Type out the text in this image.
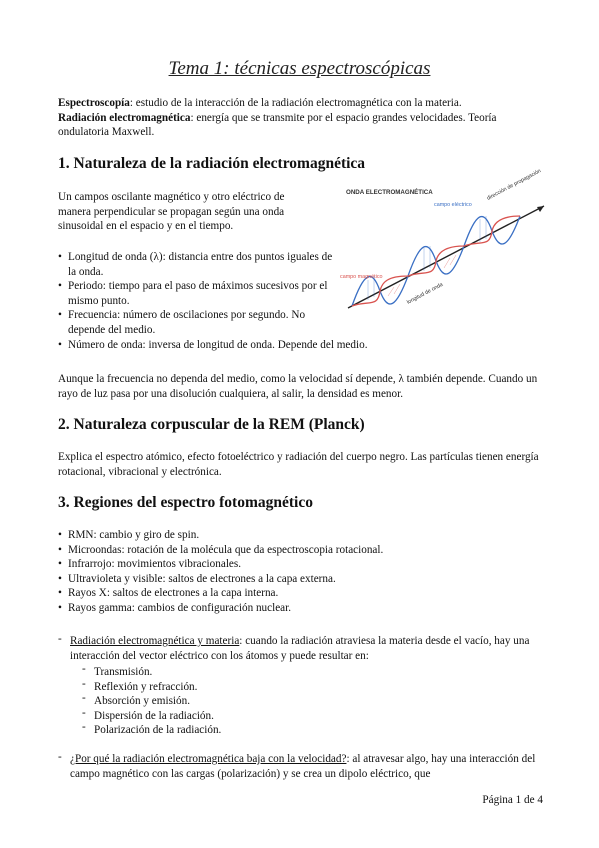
Tema 1: técnicas espectroscópicas

Espectroscopía: estudio de la interacción de la radiación electromagnética con la materia.
Radiación electromagnética: energía que se transmite por el espacio grandes velocidades. Teoría ondulatoria Maxwell.

1. Naturaleza de la radiación electromagnética

Un campos oscilante magnético y otro eléctrico de manera perpendicular se propagan según una onda sinusoidal en el espacio y en el tiempo.

• Longitud de onda (λ): distancia entre dos puntos iguales de la onda.
• Periodo: tiempo para el paso de máximos sucesivos por el mismo punto.
• Frecuencia: número de oscilaciones por segundo. No depende del medio.
• Número de onda: inversa de longitud de onda. Depende del medio.
ONDA ELECTROMAGNÉTICA
campo eléctrico
campo magnético
dirección de propagación
longitud de onda

Aunque la frecuencia no dependa del medio, como la velocidad sí depende, λ también depende. Cuando un rayo de luz pasa por una disolución cualquiera, al salir, la densidad es menor.

2. Naturaleza corpuscular de la REM (Planck)

Explica el espectro atómico, efecto fotoeléctrico y radiación del cuerpo negro. Las partículas tienen energía rotacional, vibracional y electrónica.

3. Regiones del espectro fotomagnético
• RMN: cambio y giro de spin.
• Microondas: rotación de la molécula que da espectroscopia rotacional.
• Infrarrojo: movimientos vibracionales.
• Ultravioleta y visible: saltos de electrones a la capa externa.
• Rayos X: saltos de electrones a la capa interna.
• Rayos gamma: cambios de configuración nuclear.
- Radiación electromagnética y materia: cuando la radiación atraviesa la materia desde el vacío, hay una interacción del vector eléctrico con los átomos y puede resultar en:
- Transmisión.
- Reflexión y refracción.
- Absorción y emisión.
- Dispersión de la radiación.
- Polarización de la radiación.
- ¿Por qué la radiación electromagnética baja con la velocidad?: al atravesar algo, hay una interacción del campo magnético con las cargas (polarización) y se crea un dipolo eléctrico, que
Página 1 de 4
